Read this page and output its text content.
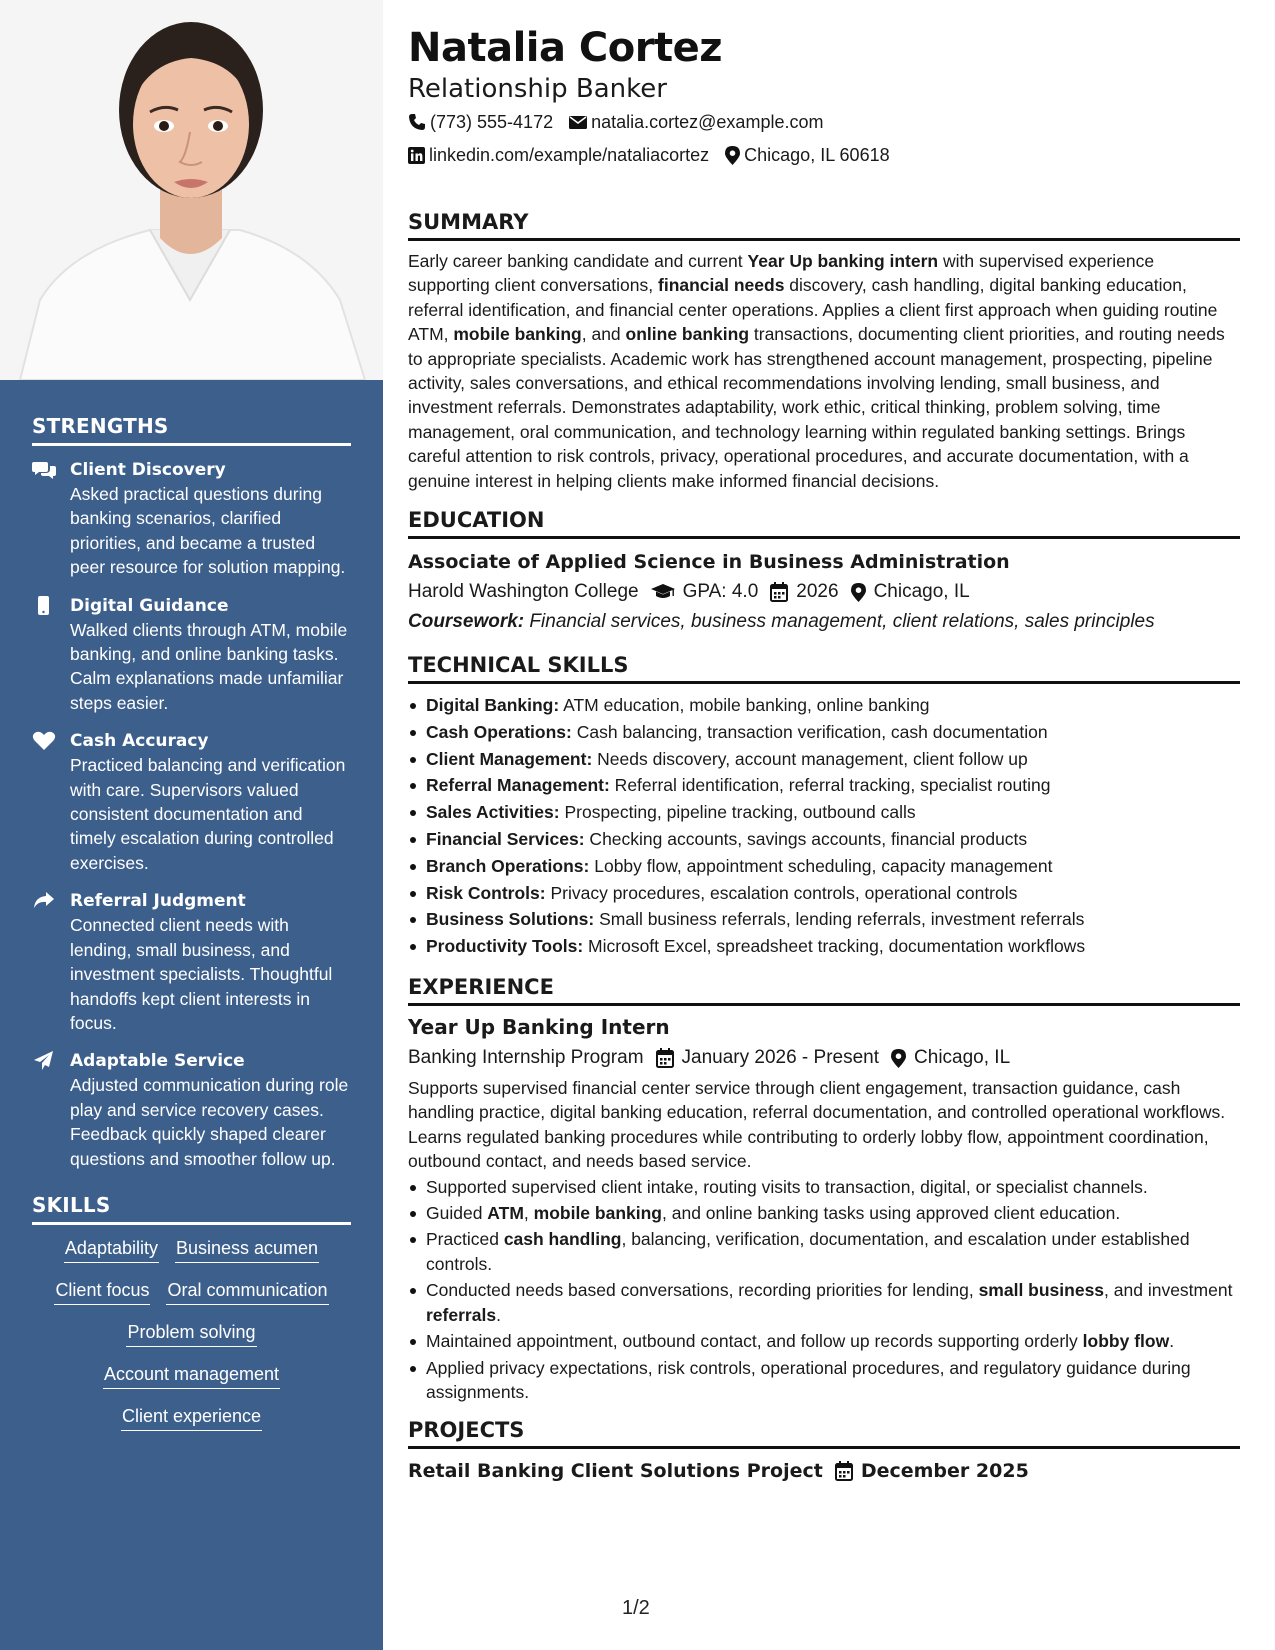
STRENGTHS
Client Discovery
Asked practical questions during banking scenarios, clarified priorities, and became a trusted peer resource for solution mapping.
Digital Guidance
Walked clients through ATM, mobile banking, and online banking tasks. Calm explanations made unfamiliar steps easier.
Cash Accuracy
Practiced balancing and verification with care. Supervisors valued consistent documentation and timely escalation during controlled exercises.
Referral Judgment
Connected client needs with lending, small business, and investment specialists. Thoughtful handoffs kept client interests in focus.
Adaptable Service
Adjusted communication during role play and service recovery cases. Feedback quickly shaped clearer questions and smoother follow up.
SKILLS
Adaptability Business acumen
Client focus Oral communication
Problem solving
Account management
Client experience
Natalia Cortez
Relationship Banker
(773) 555-4172 natalia.cortez@example.com
linkedin.com/example/nataliacortez Chicago, IL 60618
SUMMARY
Early career banking candidate and current Year Up banking intern with supervised experience supporting client conversations, financial needs discovery, cash handling, digital banking education, referral identification, and financial center operations. Applies a client first approach when guiding routine ATM, mobile banking, and online banking transactions, documenting client priorities, and routing needs to appropriate specialists. Academic work has strengthened account management, prospecting, pipeline activity, sales conversations, and ethical recommendations involving lending, small business, and investment referrals. Demonstrates adaptability, work ethic, critical thinking, problem solving, time management, oral communication, and technology learning within regulated banking settings. Brings careful attention to risk controls, privacy, operational procedures, and accurate documentation, with a genuine interest in helping clients make informed financial decisions.
EDUCATION
Associate of Applied Science in Business Administration
Harold Washington College GPA: 4.0 2026 Chicago, IL
Coursework: Financial services, business management, client relations, sales principles
TECHNICAL SKILLS
Digital Banking: ATM education, mobile banking, online banking
Cash Operations: Cash balancing, transaction verification, cash documentation
Client Management: Needs discovery, account management, client follow up
Referral Management: Referral identification, referral tracking, specialist routing
Sales Activities: Prospecting, pipeline tracking, outbound calls
Financial Services: Checking accounts, savings accounts, financial products
Branch Operations: Lobby flow, appointment scheduling, capacity management
Risk Controls: Privacy procedures, escalation controls, operational controls
Business Solutions: Small business referrals, lending referrals, investment referrals
Productivity Tools: Microsoft Excel, spreadsheet tracking, documentation workflows
EXPERIENCE
Year Up Banking Intern
Banking Internship Program January 2026 - Present Chicago, IL
Supports supervised financial center service through client engagement, transaction guidance, cash handling practice, digital banking education, referral documentation, and controlled operational workflows. Learns regulated banking procedures while contributing to orderly lobby flow, appointment coordination, outbound contact, and needs based service.
Supported supervised client intake, routing visits to transaction, digital, or specialist channels.
Guided ATM, mobile banking, and online banking tasks using approved client education.
Practiced cash handling, balancing, verification, documentation, and escalation under established controls.
Conducted needs based conversations, recording priorities for lending, small business, and investment referrals.
Maintained appointment, outbound contact, and follow up records supporting orderly lobby flow.
Applied privacy expectations, risk controls, operational procedures, and regulatory guidance during assignments.
PROJECTS
Retail Banking Client Solutions Project December 2025
1/2
